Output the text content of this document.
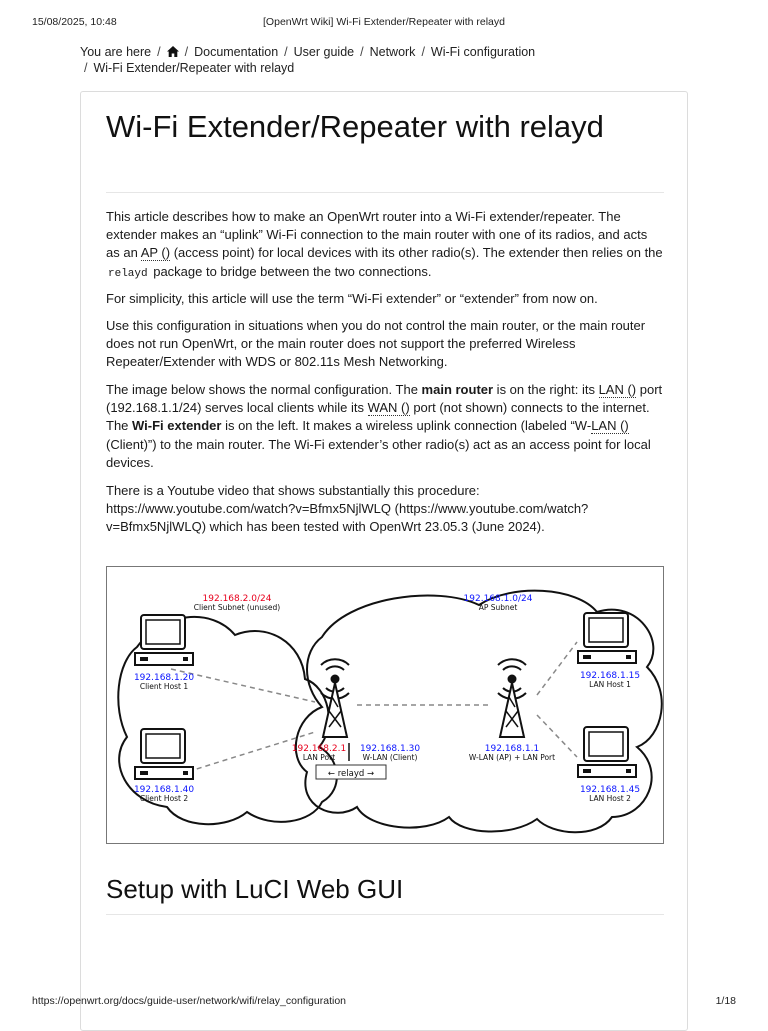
15/08/2025, 10:48	[OpenWrt Wiki] Wi-Fi Extender/Repeater with relayd
You are here / / Documentation / User guide / Network / Wi-Fi configuration
/ Wi-Fi Extender/Repeater with relayd
Wi-Fi Extender/Repeater with relayd

This article describes how to make an OpenWrt router into a Wi-Fi extender/repeater. The extender makes an “uplink” Wi-Fi connection to the main router with one of its radios, and acts as an AP () (access point) for local devices with its other radio(s). The extender then relies on the relayd package to bridge between the two connections.

For simplicity, this article will use the term “Wi-Fi extender” or “extender” from now on.

Use this configuration in situations when you do not control the main router, or the main router does not run OpenWrt, or the main router does not support the preferred Wireless Repeater/Extender with WDS or 802.11s Mesh Networking.

The image below shows the normal configuration. The main router is on the right: its LAN () port (192.168.1.1/24) serves local clients while its WAN () port (not shown) connects to the internet. The Wi-Fi extender is on the left. It makes a wireless uplink connection (labeled “W-LAN () (Client)”) to the main router. The Wi-Fi extender’s other radio(s) act as an access point for local devices.

There is a Youtube video that shows substantially this procedure: https://www.youtube.com/watch?v=Bfmx5NjlWLQ (https://www.youtube.com/watch?v=Bfmx5NjlWLQ) which has been tested with OpenWrt 23.05.3 (June 2024).

192.168.2.0/24
Client Subnet (unused)
192.168.1.0/24
AP Subnet
192.168.1.20
Client Host 1
192.168.1.40
Client Host 2
192.168.1.15
LAN Host 1
192.168.1.45
LAN Host 2
192.168.2.1
LAN Port
192.168.1.30
W-LAN (Client)
← relayd →
192.168.1.1
W-LAN (AP) + LAN Port
Setup with LuCI Web GUI
https://openwrt.org/docs/guide-user/network/wifi/relay_configuration	1/18
